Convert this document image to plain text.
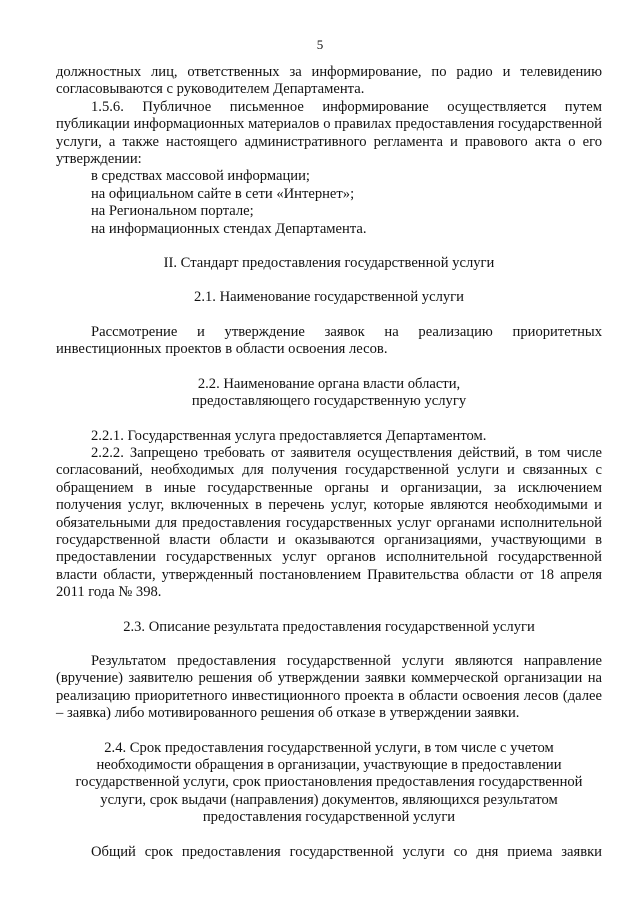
5
должностных лиц, ответственных за информирование, по радио и телевидению согласовываются с руководителем Департамента.
1.5.6. Публичное письменное информирование осуществляется путем публикации информационных материалов о правилах предоставления государственной услуги, а также настоящего административного регламента и правового акта о его утверждении:
в средствах массовой информации;
на официальном сайте в сети «Интернет»;
на Региональном портале;
на информационных стендах Департамента.
II. Стандарт предоставления государственной услуги
2.1. Наименование государственной услуги
Рассмотрение и утверждение заявок на реализацию приоритетных инвестиционных проектов в области освоения лесов.
2.2. Наименование органа власти области,
предоставляющего государственную услугу
2.2.1. Государственная услуга предоставляется Департаментом.
2.2.2. Запрещено требовать от заявителя осуществления действий, в том числе согласований, необходимых для получения государственной услуги и связанных с обращением в иные государственные органы и организации, за исключением получения услуг, включенных в перечень услуг, которые являются необходимыми и обязательными для предоставления государственных услуг органами исполнительной государственной власти области и оказываются организациями, участвующими в предоставлении государственных услуг органов исполнительной государственной власти области, утвержденный постановлением Правительства области от 18 апреля 2011 года № 398.
2.3. Описание результата предоставления государственной услуги
Результатом предоставления государственной услуги являются направление (вручение) заявителю решения об утверждении заявки коммерческой организации на реализацию приоритетного инвестиционного проекта в области освоения лесов (далее – заявка) либо мотивированного решения об отказе в утверждении заявки.
2.4. Срок предоставления государственной услуги, в том числе с учетом
необходимости обращения в организации, участвующие в предоставлении
государственной услуги, срок приостановления предоставления государственной
услуги, срок выдачи (направления) документов, являющихся результатом
предоставления государственной услуги
Общий срок предоставления государственной услуги со дня приема заявки
